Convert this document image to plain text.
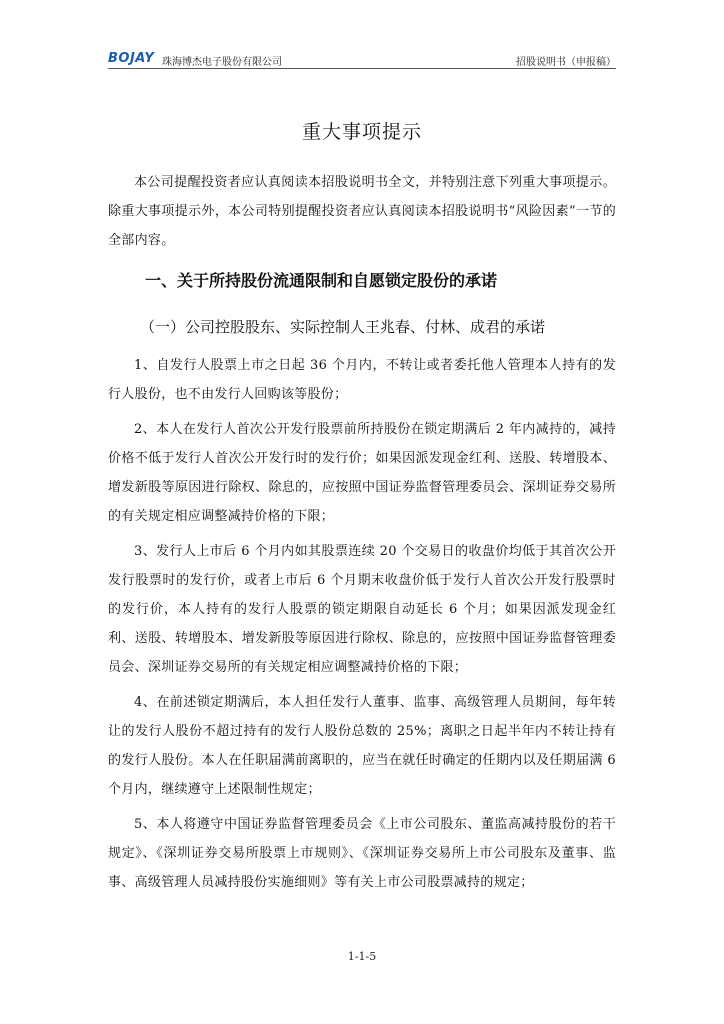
BOJAY 珠海博杰电子股份有限公司	招股说明书（申报稿）
重大事项提示

本公司提醒投资者应认真阅读本招股说明书全文，并特别注意下列重大事项提示。除重大事项提示外，本公司特别提醒投资者应认真阅读本招股说明书“风险因素”一节的全部内容。

一、关于所持股份流通限制和自愿锁定股份的承诺
（一）公司控股股东、实际控制人王兆春、付林、成君的承诺

1、自发行人股票上市之日起 36 个月内，不转让或者委托他人管理本人持有的发行人股份，也不由发行人回购该等股份；

2、本人在发行人首次公开发行股票前所持股份在锁定期满后 2 年内减持的，减持价格不低于发行人首次公开发行时的发行价；如果因派发现金红利、送股、转增股本、增发新股等原因进行除权、除息的，应按照中国证券监督管理委员会、深圳证券交易所的有关规定相应调整减持价格的下限；

3、发行人上市后 6 个月内如其股票连续 20 个交易日的收盘价均低于其首次公开发行股票时的发行价，或者上市后 6 个月期末收盘价低于发行人首次公开发行股票时的发行价，本人持有的发行人股票的锁定期限自动延长 6 个月；如果因派发现金红利、送股、转增股本、增发新股等原因进行除权、除息的，应按照中国证券监督管理委员会、深圳证券交易所的有关规定相应调整减持价格的下限；

4、在前述锁定期满后，本人担任发行人董事、监事、高级管理人员期间，每年转让的发行人股份不超过持有的发行人股份总数的 25%；离职之日起半年内不转让持有的发行人股份。本人在任职届满前离职的，应当在就任时确定的任期内以及任期届满 6 个月内，继续遵守上述限制性规定；

5、本人将遵守中国证券监督管理委员会《上市公司股东、董监高减持股份的若干规定》、《深圳证券交易所股票上市规则》、《深圳证券交易所上市公司股东及董事、监事、高级管理人员减持股份实施细则》等有关上市公司股票减持的规定；

1-1-5
